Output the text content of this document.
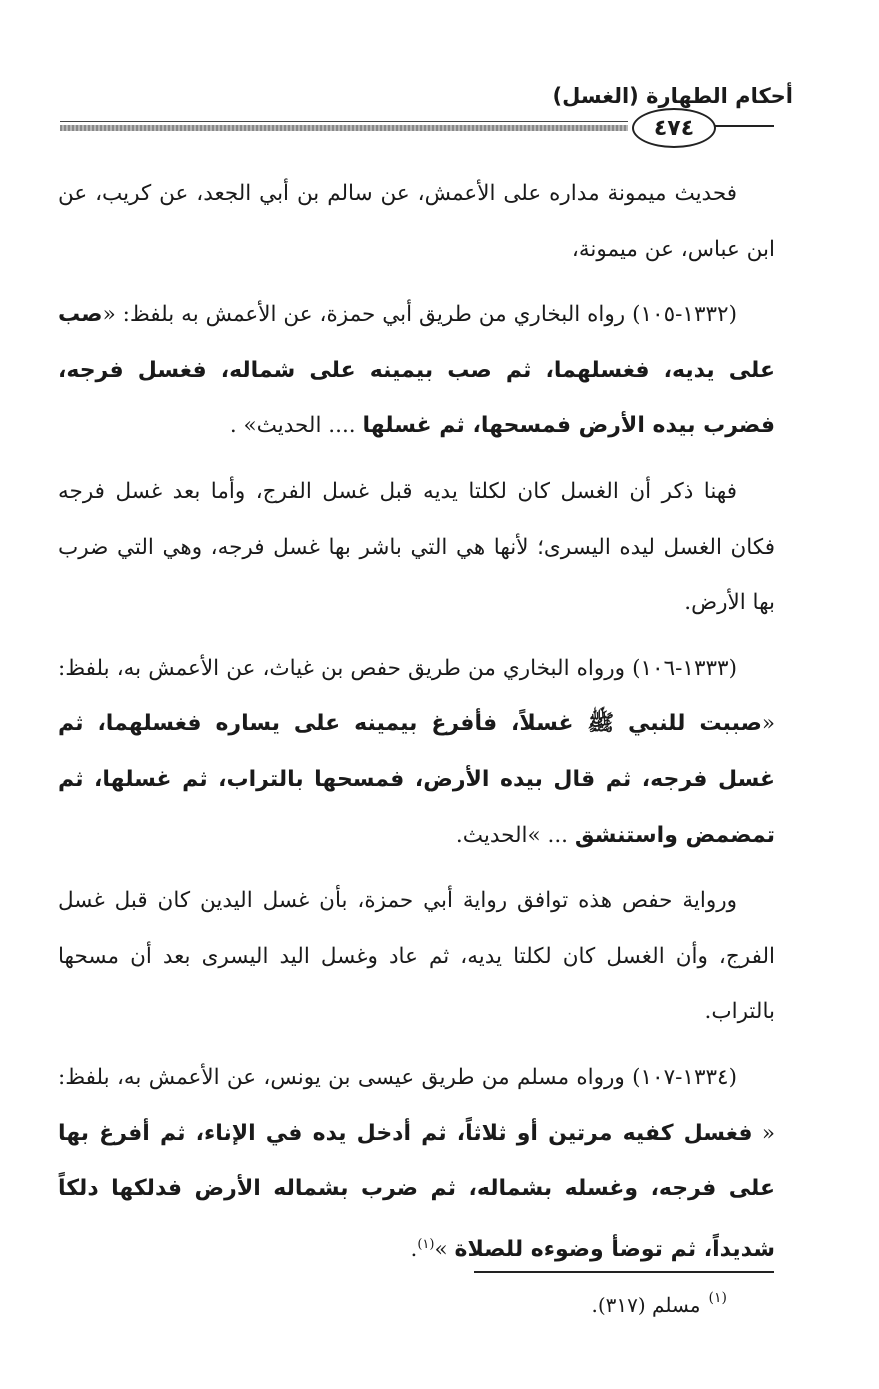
أحكام الطهارة (الغسل)
٤٧٤

فحديث ميمونة مداره على الأعمش، عن سالم بن أبي الجعد، عن كريب، عن ابن عباس، عن ميمونة،

(١٣٣٢-١٠٥) رواه البخاري من طريق أبي حمزة، عن الأعمش به بلفظ: «صب على يديه، فغسلهما، ثم صب بيمينه على شماله، فغسل فرجه، فضرب بيده الأرض فمسحها، ثم غسلها .... الحديث» .

فهنا ذكر أن الغسل كان لكلتا يديه قبل غسل الفرج، وأما بعد غسل فرجه فكان الغسل ليده اليسرى؛ لأنها هي التي باشر بها غسل فرجه، وهي التي ضرب بها الأرض.

(١٣٣٣-١٠٦) ورواه البخاري من طريق حفص بن غياث، عن الأعمش به، بلفظ: «صببت للنبي ﷺ غسلاً، فأفرغ بيمينه على يساره فغسلهما، ثم غسل فرجه، ثم قال بيده الأرض، فمسحها بالتراب، ثم غسلها، ثم تمضمض واستنشق ... »الحديث.

ورواية حفص هذه توافق رواية أبي حمزة، بأن غسل اليدين كان قبل غسل الفرج، وأن الغسل كان لكلتا يديه، ثم عاد وغسل اليد اليسرى بعد أن مسحها بالتراب.

(١٣٣٤-١٠٧) ورواه مسلم من طريق عيسى بن يونس، عن الأعمش به، بلفظ: « فغسل كفيه مرتين أو ثلاثاً، ثم أدخل يده في الإناء، ثم أفرغ بها على فرجه، وغسله بشماله، ثم ضرب بشماله الأرض فدلكها دلكاً شديداً، ثم توضأ وضوءه للصلاة »$^{(١)}$.

$^{(١)}$مسلم (٣١٧).
